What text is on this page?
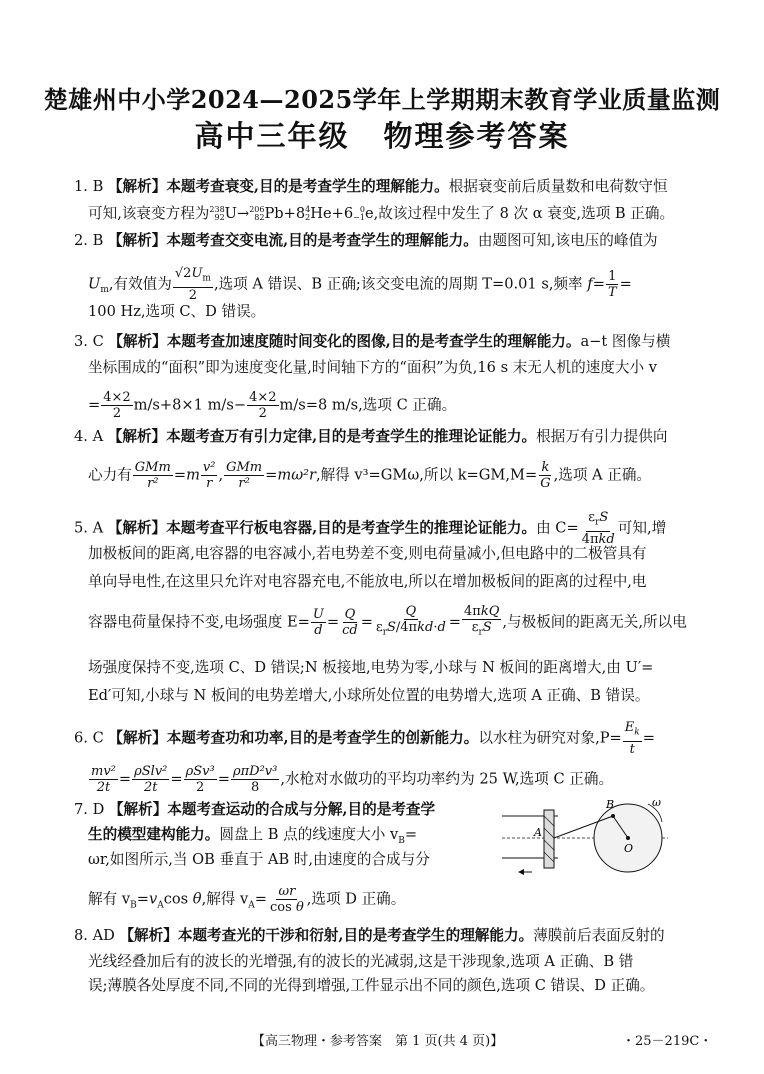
楚雄州中小学2024—2025学年上学期期末教育学业质量监测
高中三年级 物理参考答案
1. B 【解析】本题考查衰变,目的是考查学生的理解能力。根据衰变前后质量数和电荷数守恒
可知,该衰变方程为 238
92 U→ 206
82 Pb+8 4
2 He+6 0
−1 e,故该过程中发生了 8 次 α 衰变,选项 B 正确。
2. B 【解析】本题考查交变电流,目的是考查学生的理解能力。由题图可知,该电压的峰值为
$U_m$,有效值为 $\frac{√2U_m}{2}$ ,选项 A 错误、B 正确;该交变电流的周期 T=0.01 s,频率 $f= \frac{1}{T}$ =
100 Hz,选项 C、D 错误。
3. C 【解析】本题考查加速度随时间变化的图像,目的是考查学生的理解能力。a−t 图像与横
坐标围成的“面积”即为速度变化量,时间轴下方的“面积”为负,16 s 末无人机的速度大小 v
= $\frac{4\times 2}{2} m/s+8\times 1$ $m/s- \frac{4\times 2}{2} m/s=8$ m/s,选项 C 正确。
4. A 【解析】本题考查万有引力定律,目的是考查学生的推理论证能力。根据万有引力提供向
心力有 $\frac{\text{GMm}}{\text{r²}} =m \frac{\text{v²}}{r}$ , $\frac{\text{GMm}}{\text{r²}} =m\omega^2r$,解得 v³=GMω,所以 $k=GM,M= \frac{k}{G}$ ,选项 A 正确。
5. A 【解析】本题考查平行板电容器,目的是考查学生的推理论证能力。由 $C= \frac{\varepsilon_rS}{\text{4πkd}}$ 可知,增
加极板间的距离,电容器的电容减小,若电势差不变,则电荷量减小,但电路中的二极管具有
单向导电性,在这里只允许对电容器充电,不能放电,所以在增加极板间的距离的过程中,电
容器电荷量保持不变,电场强度 $E= \frac{U}{d} = \frac{Q}{cd} = \frac{Q}{\varepsilon_rS/4\pi kd\cdot d} = \frac{\text{4πkQ}}{\varepsilon_rS}$ ,与极板间的距离无关,所以电
场强度保持不变,选项 C、D 错误;N 板接地,电势为零,小球与 N 板间的距离增大,由 U′=
Ed′可知,小球与 N 板间的电势差增大,小球所处位置的电势增大,选项 A 正确、B 错误。
6. C 【解析】本题考查功和功率,目的是考查学生的创新能力。以水柱为研究对象$,P= \frac{E_k}{t}$ =
$\frac{\text{mv²}}{2t} = \frac{\text{ρSlv²}}{2t} = \frac{\text{ρSv³}}{2} = \frac{\text{ρπD²v³}}{8}$ ,水枪对水做功的平均功率约为 25 W,选项 C 正确。
7. D 【解析】本题考查运动的合成与分解,目的是考查学
生的模型建构能力。圆盘上 B 点的线速度大小 $v_B=$
ωr,如图所示,当 OB 垂直于 AB 时,由速度的合成与分
解有 $v_B=v_A\cos$ θ,解得 $v_A= \frac{\omega r}{\text{cos θ}}$ ,选项 D 正确。
A
B
O
ω
8. AD 【解析】本题考查光的干涉和衍射,目的是考查学生的理解能力。薄膜前后表面反射的
光线经叠加后有的波长的光增强,有的波长的光减弱,这是干涉现象,选项 A 正确、B 错
误;薄膜各处厚度不同,不同的光得到增强,工件显示出不同的颜色,选项 C 错误、D 正确。
【高三物理・参考答案　第 1 页(共 4 页)】	・25－219C・
